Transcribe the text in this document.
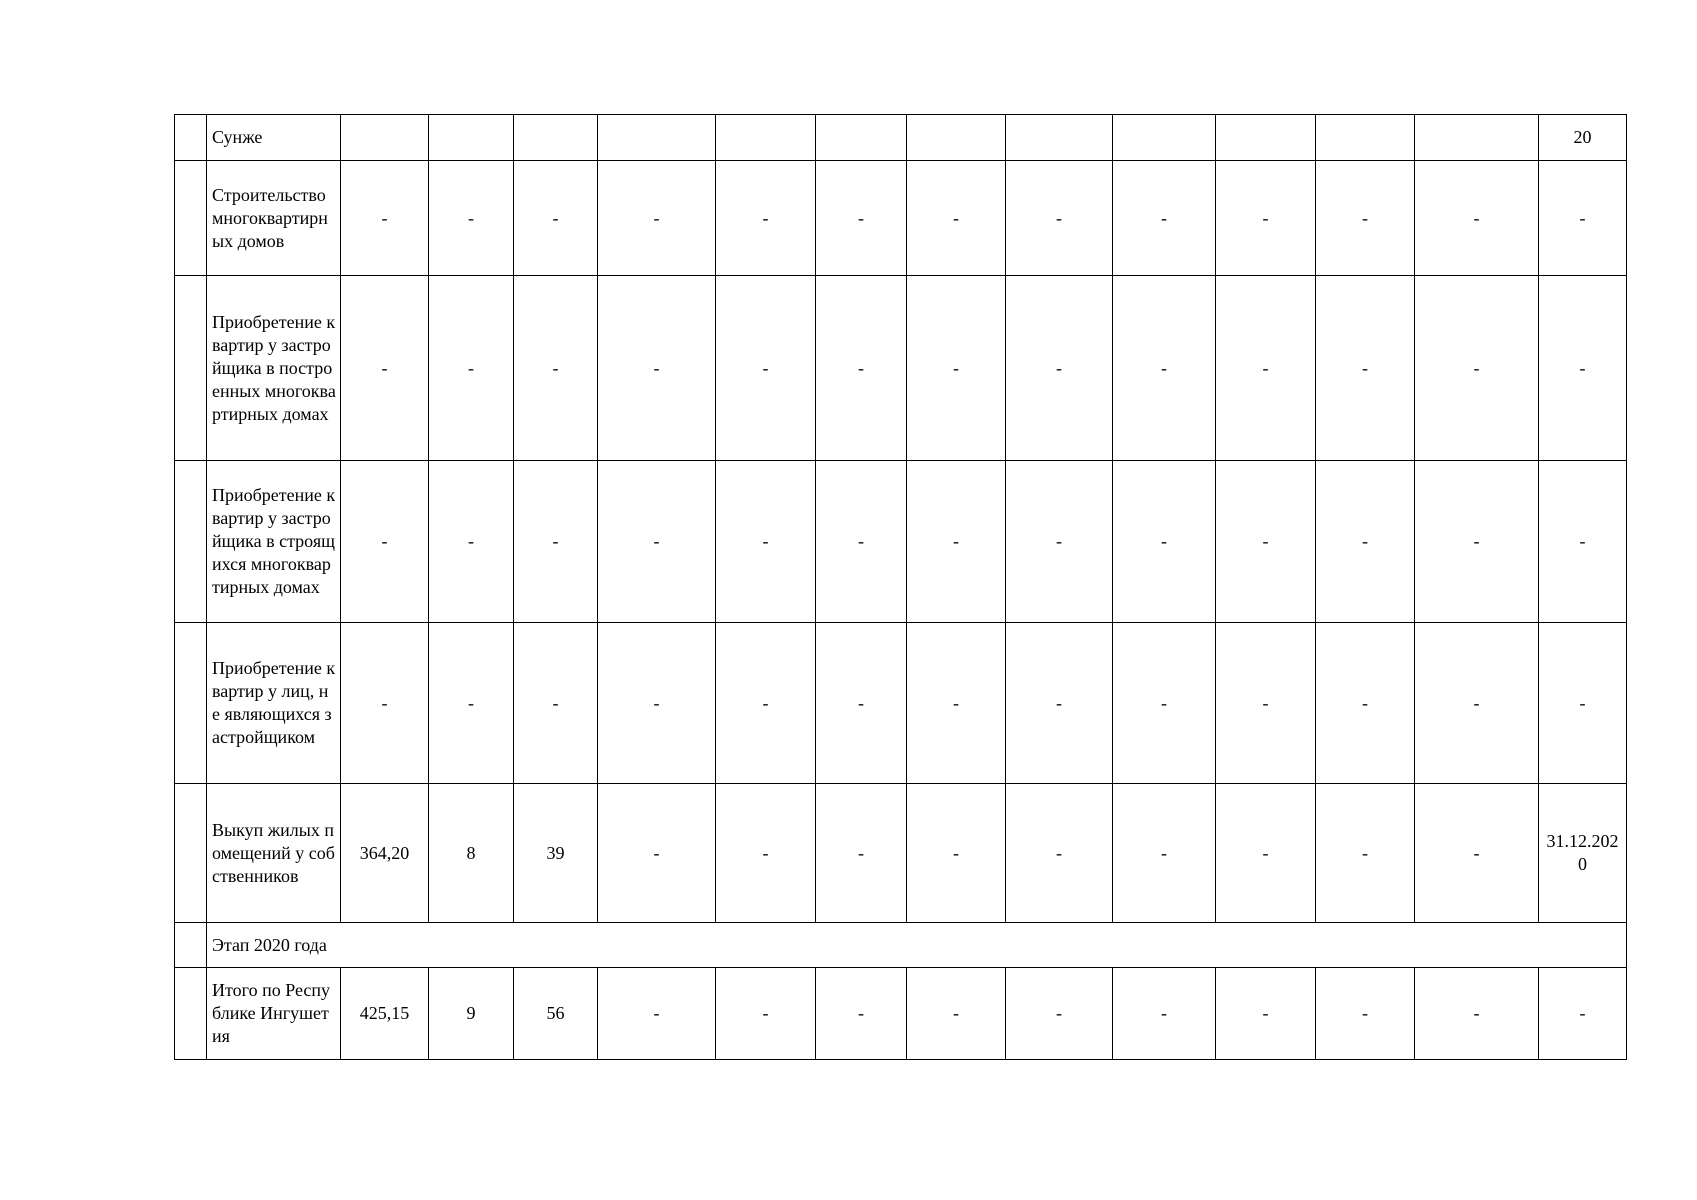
	Сунже													20
	Строительство многоквартирных домов	-	-	-	-	-	-	-	-	-	-	-	-	-
	Приобретение квартир у застройщика в построенных многоквартирных домах	-	-	-	-	-	-	-	-	-	-	-	-	-
	Приобретение квартир у застройщика в строящихся многоквартирных домах	-	-	-	-	-	-	-	-	-	-	-	-	-
	Приобретение квартир у лиц, не являющихся застройщиком	-	-	-	-	-	-	-	-	-	-	-	-	-
	Выкуп жилых помещений у собственников	364,20	8	39	-	-	-	-	-	-	-	-	-	31.12.2020
	Этап 2020 года													
	Итого по Республике Ингушетия	425,15	9	56	-	-	-	-	-	-	-	-	-	-
